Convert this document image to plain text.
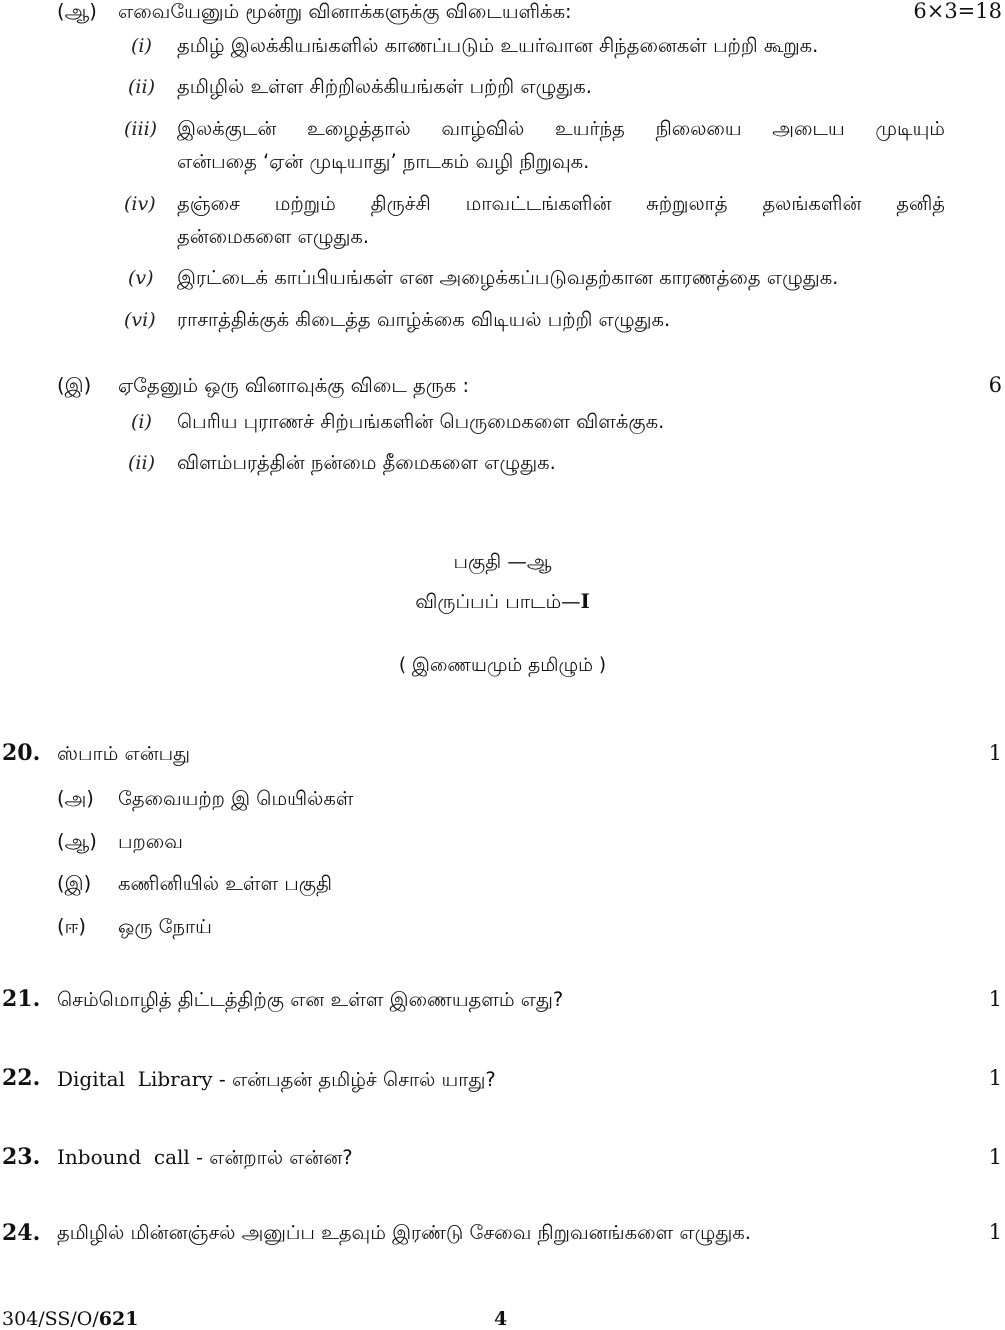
(ஆ) எவையேனும் மூன்று வினாக்களுக்கு விடையளிக்க:	6×3=18
(i) தமிழ் இலக்கியங்களில் காணப்படும் உயர்வான சிந்தனைகள் பற்றி கூறுக.
(ii) தமிழில் உள்ள சிற்றிலக்கியங்கள் பற்றி எழுதுக.
(iii) இலக்குடன் உழைத்தால் வாழ்வில் உயர்ந்த நிலையை அடைய முடியும்
என்பதை ‘ஏன் முடியாது’ நாடகம் வழி நிறுவுக.
(iv) தஞ்சை மற்றும் திருச்சி மாவட்டங்களின் சுற்றுலாத் தலங்களின் தனித்
தன்மைகளை எழுதுக.
(v) இரட்டைக் காப்பியங்கள் என அழைக்கப்படுவதற்கான காரணத்தை எழுதுக.
(vi) ராசாத்திக்குக் கிடைத்த வாழ்க்கை விடியல் பற்றி எழுதுக.
(இ) ஏதேனும் ஒரு வினாவுக்கு விடை தருக :	6
(i) பெரிய புராணச் சிற்பங்களின் பெருமைகளை விளக்குக.
(ii) விளம்பரத்தின் நன்மை தீமைகளை எழுதுக.
பகுதி —ஆ
விருப்பப் பாடம்—I
( இணையமும் தமிழும் )
20. ஸ்பாம் என்பது	1
(அ) தேவையற்ற இ மெயில்கள்
(ஆ) பறவை
(இ) கணினியில் உள்ள பகுதி
(ஈ) ஒரு நோய்
21. செம்மொழித் திட்டத்திற்கு என உள்ள இணையதளம் எது?	1
22. Digital  Library - என்பதன் தமிழ்ச் சொல் யாது?	1
23. Inbound  call - என்றால் என்ன?	1
24. தமிழில் மின்னஞ்சல் அனுப்ப உதவும் இரண்டு சேவை நிறுவனங்களை எழுதுக.	1
304/SS/O/621	4
